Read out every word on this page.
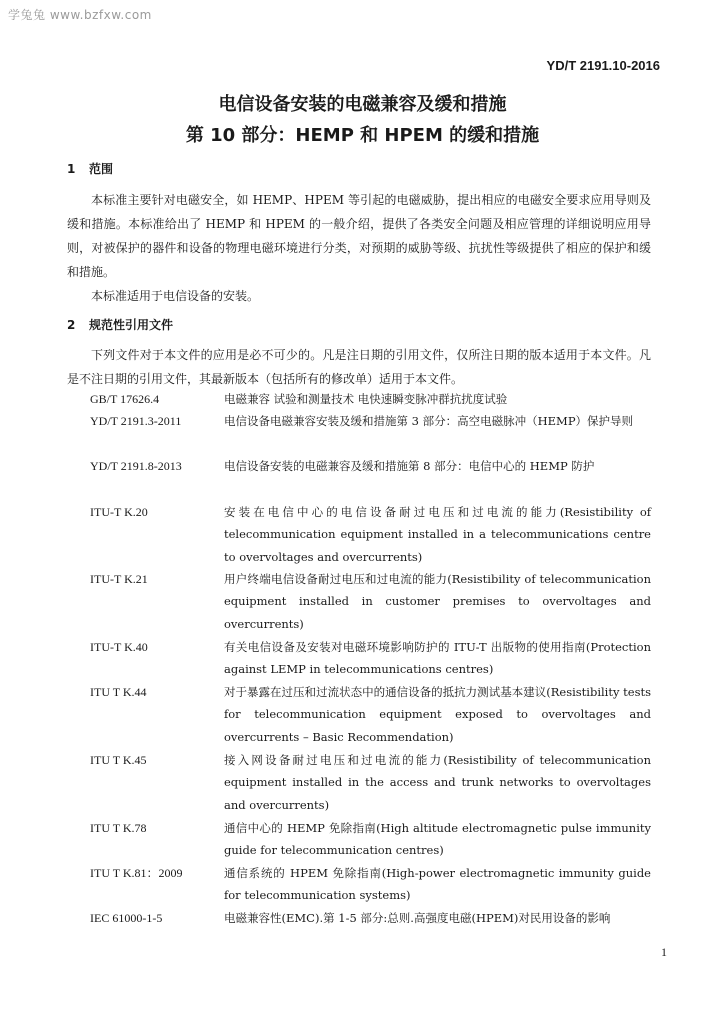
学兔兔 www.bzfxw.com
YD/T 2191.10-2016
电信设备安装的电磁兼容及缓和措施
第 10 部分：HEMP 和 HPEM 的缓和措施
1 范围

本标准主要针对电磁安全，如 HEMP、HPEM 等引起的电磁威胁，提出相应的电磁安全要求应用导则及缓和措施。本标准给出了 HEMP 和 HPEM 的一般介绍，提供了各类安全问题及相应管理的详细说明应用导则，对被保护的器件和设备的物理电磁环境进行分类，对预期的威胁等级、抗扰性等级提供了相应的保护和缓和措施。

本标准适用于电信设备的安装。

2 规范性引用文件

下列文件对于本文件的应用是必不可少的。凡是注日期的引用文件，仅所注日期的版本适用于本文件。凡是不注日期的引用文件，其最新版本（包括所有的修改单）适用于本文件。

GB/T 17626.4	电磁兼容 试验和测量技术 电快速瞬变脉冲群抗扰度试验
YD/T 2191.3-2011	电信设备电磁兼容安装及缓和措施第 3 部分：高空电磁脉冲（HEMP）保护导则
YD/T 2191.8-2013	电信设备安装的电磁兼容及缓和措施第 8 部分：电信中心的 HEMP 防护
ITU-T K.20	安装在电信中心的电信设备耐过电压和过电流的能力(Resistibility of telecommunication equipment installed in a telecommunications centre to overvoltages and overcurrents)
ITU-T K.21	用户终端电信设备耐过电压和过电流的能力(Resistibility of telecommunication equipment installed in customer premises to overvoltages and overcurrents)
ITU-T K.40	有关电信设备及安装对电磁环境影响防护的 ITU-T 出版物的使用指南(Protection against LEMP in telecommunications centres)
ITU T K.44	对于暴露在过压和过流状态中的通信设备的抵抗力测试基本建议(Resistibility tests for telecommunication equipment exposed to overvoltages and overcurrents – Basic Recommendation)
ITU T K.45	接入网设备耐过电压和过电流的能力(Resistibility of telecommunication equipment installed in the access and trunk networks to overvoltages and overcurrents)
ITU T K.78	通信中心的 HEMP 免除指南(High altitude electromagnetic pulse immunity guide for telecommunication centres)
ITU T K.81：2009	通信系统的 HPEM 免除指南(High-power electromagnetic immunity guide for telecommunication systems)
IEC 61000-1-5	电磁兼容性(EMC).第 1-5 部分:总则.高强度电磁(HPEM)对民用设备的影响
1
